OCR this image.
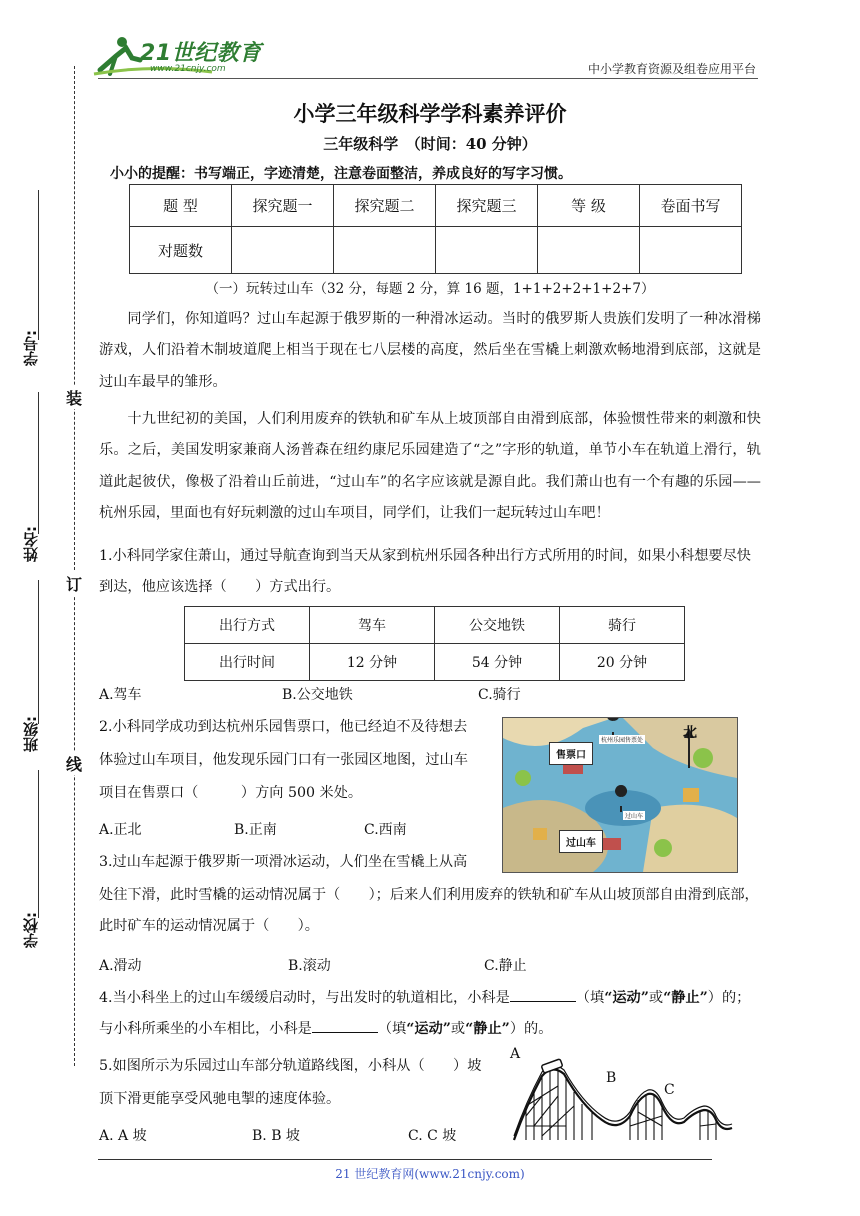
21世纪教育
www.21cnjy.com	中小学教育资源及组卷应用平台
学号:
姓名:
班级:
学校:
装
订
线
小学三年级科学学科素养评价
三年级科学　（时间：40 分钟）
小小的提醒：书写端正，字迹清楚，注意卷面整洁，养成良好的写字习惯。
题 型	探究题一	探究题二	探究题三	等 级	卷面书写
对题数					
（一）玩转过山车（32 分，每题 2 分，算 16 题，1+1+2+2+1+2+7）

同学们，你知道吗？过山车起源于俄罗斯的一种滑冰运动。当时的俄罗斯人贵族们发明了一种冰滑梯游戏，人们沿着木制坡道爬上相当于现在七八层楼的高度，然后坐在雪橇上刺激欢畅地滑到底部，这就是过山车最早的雏形。

十九世纪初的美国，人们利用废弃的铁轨和矿车从上坡顶部自由滑到底部，体验惯性带来的刺激和快乐。之后，美国发明家兼商人汤普森在纽约康尼乐园建造了“之”字形的轨道，单节小车在轨道上滑行，轨道此起彼伏，像极了沿着山丘前进，“过山车”的名字应该就是源自此。我们萧山也有一个有趣的乐园——杭州乐园，里面也有好玩刺激的过山车项目，同学们，让我们一起玩转过山车吧！

1.小科同学家住萧山，通过导航查询到当天从家到杭州乐园各种出行方式所用的时间，如果小科想要尽快到达，他应该选择（　　）方式出行。

出行方式	驾车	公交地铁	骑行
出行时间	12 分钟	54 分钟	20 分钟
A.驾车	B.公交地铁	C.骑行

2.小科同学成功到达杭州乐园售票口，他已经迫不及待想去

体验过山车项目，他发现乐园门口有一张园区地图，过山车

项目在售票口（　　　）方向 500 米处。

A.正北	B.正南	C.西南
售票口
过山车
北
杭州乐园售票处
过山车

3.过山车起源于俄罗斯一项滑冰运动，人们坐在雪橇上从高

处往下滑，此时雪橇的运动情况属于（　　）；后来人们利用废弃的铁轨和矿车从山坡顶部自由滑到底部，此时矿车的运动情况属于（　　）。

A.滑动	B.滚动	C.静止

4.当小科坐上的过山车缓缓启动时，与出发时的轨道相比，小科是	（填“运动”或“静止”）的；与小科所乘坐的小车相比，小科是	（填“运动”或“静止”）的。

5.如图所示为乐园过山车部分轨道路线图，小科从（　　）坡

顶下滑更能享受风驰电掣的速度体验。

A. A 坡	B. B 坡	C. C 坡
A
B
C
21 世纪教育网(www.21cnjy.com)
